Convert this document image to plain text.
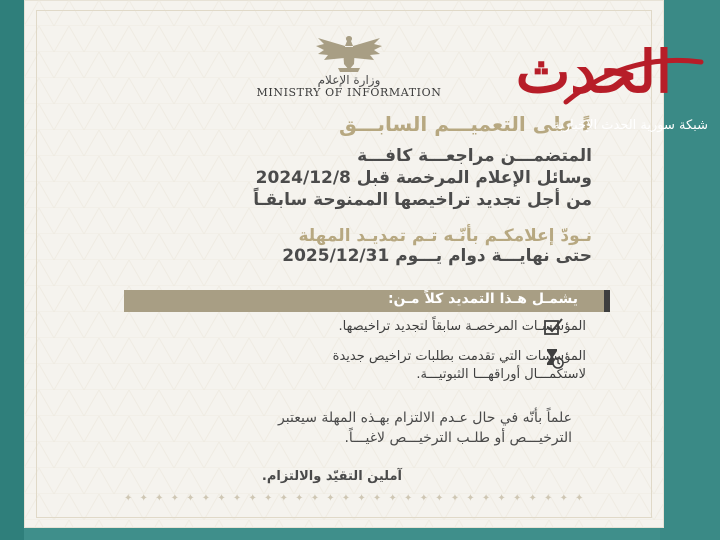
وزارة الإعلام
MINISTRY OF INFORMATION
ءً على التعميـــم السابـــق
المتضمـــن مراجعـــة كافـــة
وسائل الإعلام المرخصة قبل 2024/12/8
من أجل تجديد تراخيصها الممنوحة سابقـاً
نـودّ إعلامكـم بأنّـه تـم تمديـد المهلة
حتى نهايـــة دوام يـــوم 2025/12/31
يشمـل هـذا التمديد كلاً مـن:
المؤسسـات المرخصـة سابقاً لتجديد تراخيصها.
المؤسسات التي تقدمت بطلبات تراخيص جديدة
لاستكمـــال أوراقهـــا الثبوتيـــة.
علماً بأنّه في حال عـدم الالتزام بهـذه المهلة سيعتبر
الترخيـــص أو طلـب الترخيـــص لاغيـــاً.
آملين التقيّد والالتزام.
✦ ✦ ✦ ✦ ✦ ✦ ✦ ✦ ✦ ✦ ✦ ✦ ✦ ✦ ✦ ✦ ✦ ✦ ✦ ✦ ✦ ✦ ✦ ✦ ✦ ✦ ✦ ✦ ✦ ✦
الحدث
شبكة سورية الحدث الإخبارية
